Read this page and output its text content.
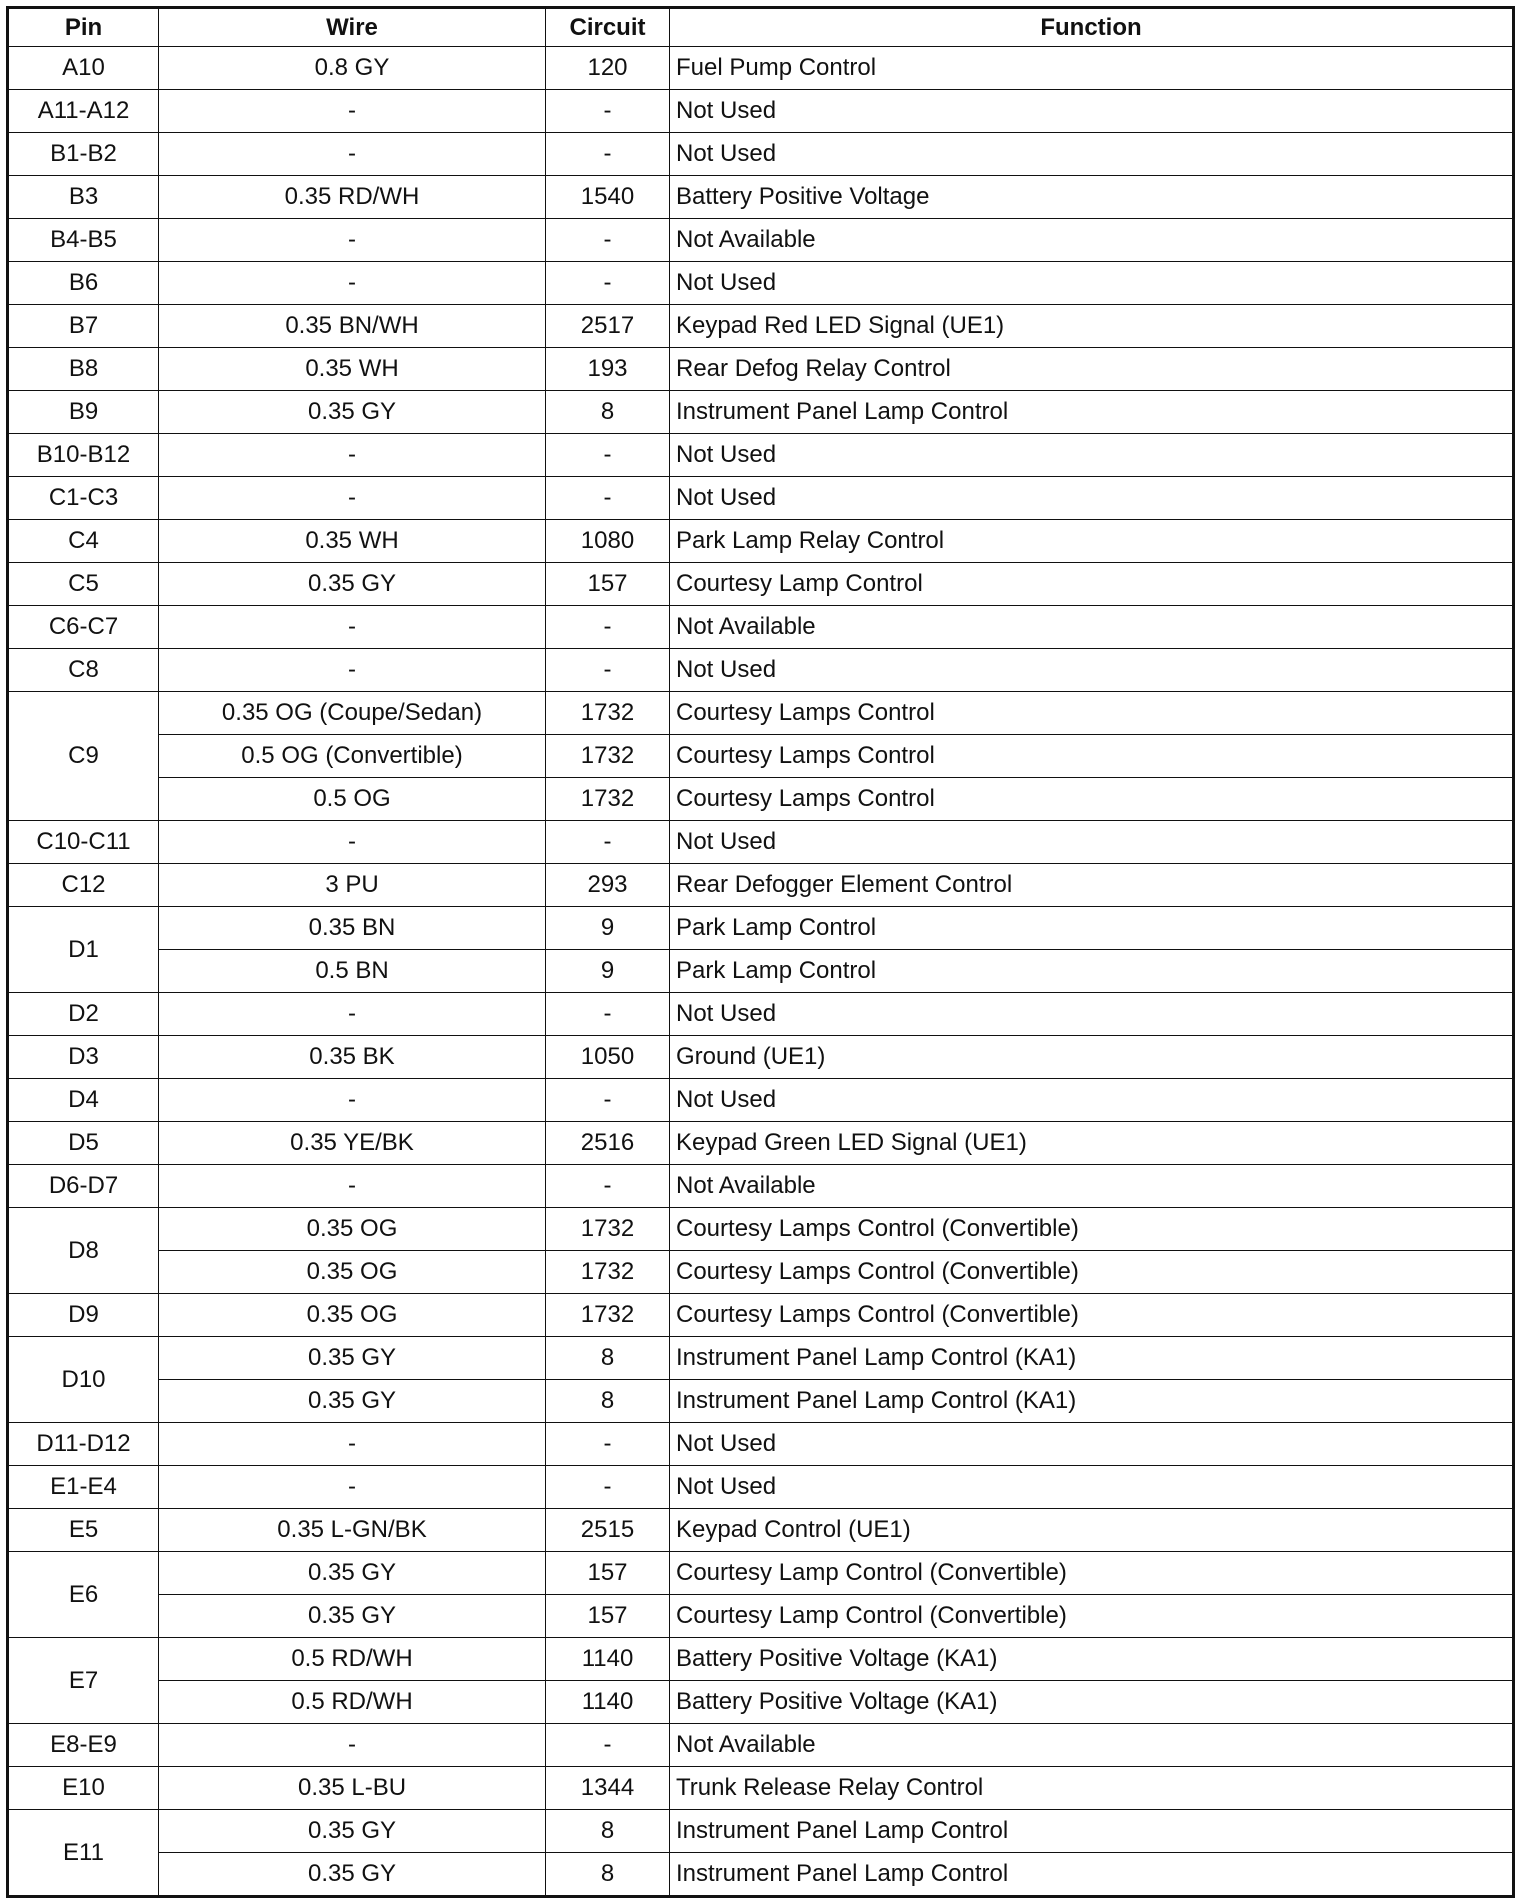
Pin	Wire	Circuit	Function
A10	0.8 GY	120	Fuel Pump Control
A11-A12	-	-	Not Used
B1-B2	-	-	Not Used
B3	0.35 RD/WH	1540	Battery Positive Voltage
B4-B5	-	-	Not Available
B6	-	-	Not Used
B7	0.35 BN/WH	2517	Keypad Red LED Signal (UE1)
B8	0.35 WH	193	Rear Defog Relay Control
B9	0.35 GY	8	Instrument Panel Lamp Control
B10-B12	-	-	Not Used
C1-C3	-	-	Not Used
C4	0.35 WH	1080	Park Lamp Relay Control
C5	0.35 GY	157	Courtesy Lamp Control
C6-C7	-	-	Not Available
C8	-	-	Not Used
C9	0.35 OG (Coupe/Sedan)	1732	Courtesy Lamps Control
	0.5 OG (Convertible)	1732	Courtesy Lamps Control
	0.5 OG	1732	Courtesy Lamps Control
C10-C11	-	-	Not Used
C12	3 PU	293	Rear Defogger Element Control
D1	0.35 BN	9	Park Lamp Control
	0.5 BN	9	Park Lamp Control
D2	-	-	Not Used
D3	0.35 BK	1050	Ground (UE1)
D4	-	-	Not Used
D5	0.35 YE/BK	2516	Keypad Green LED Signal (UE1)
D6-D7	-	-	Not Available
D8	0.35 OG	1732	Courtesy Lamps Control (Convertible)
	0.35 OG	1732	Courtesy Lamps Control (Convertible)
D9	0.35 OG	1732	Courtesy Lamps Control (Convertible)
D10	0.35 GY	8	Instrument Panel Lamp Control (KA1)
	0.35 GY	8	Instrument Panel Lamp Control (KA1)
D11-D12	-	-	Not Used
E1-E4	-	-	Not Used
E5	0.35 L-GN/BK	2515	Keypad Control (UE1)
E6	0.35 GY	157	Courtesy Lamp Control (Convertible)
	0.35 GY	157	Courtesy Lamp Control (Convertible)
E7	0.5 RD/WH	1140	Battery Positive Voltage (KA1)
	0.5 RD/WH	1140	Battery Positive Voltage (KA1)
E8-E9	-	-	Not Available
E10	0.35 L-BU	1344	Trunk Release Relay Control
E11	0.35 GY	8	Instrument Panel Lamp Control
	0.35 GY	8	Instrument Panel Lamp Control
